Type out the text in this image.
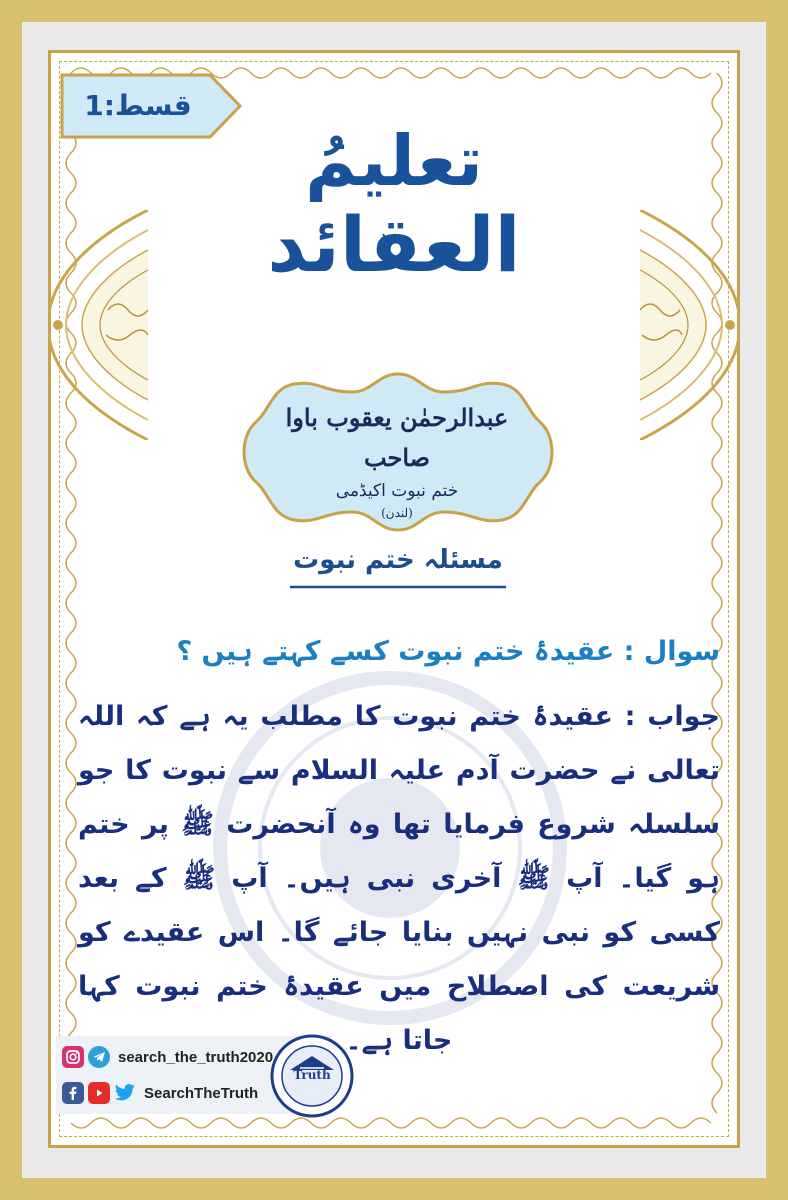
قسط:1
تعلیمُ
العقائد
عبدالرحمٰن یعقوب باوا صاحب
ختم نبوت اکیڈمی
(لندن)
مسئلہ ختم نبوت
سوال : عقیدۂ ختم نبوت کسے کہتے ہیں ؟
جواب : عقیدۂ ختم نبوت کا مطلب یہ ہے کہ اللہ تعالی نے حضرت آدم علیہ السلام سے نبوت کا جو سلسلہ شروع فرمایا تھا وہ آنحضرت ﷺ پر ختم ہو گیا۔ آپ ﷺ آخری نبی ہیں۔ آپ ﷺ کے بعد کسی کو نبی نہیں بنایا جائے گا۔ اس عقیدے کو شریعت کی اصطلاح میں عقیدۂ ختم نبوت کہا جاتا ہے۔
search_the_truth2020
SearchTheTruth
Truth
